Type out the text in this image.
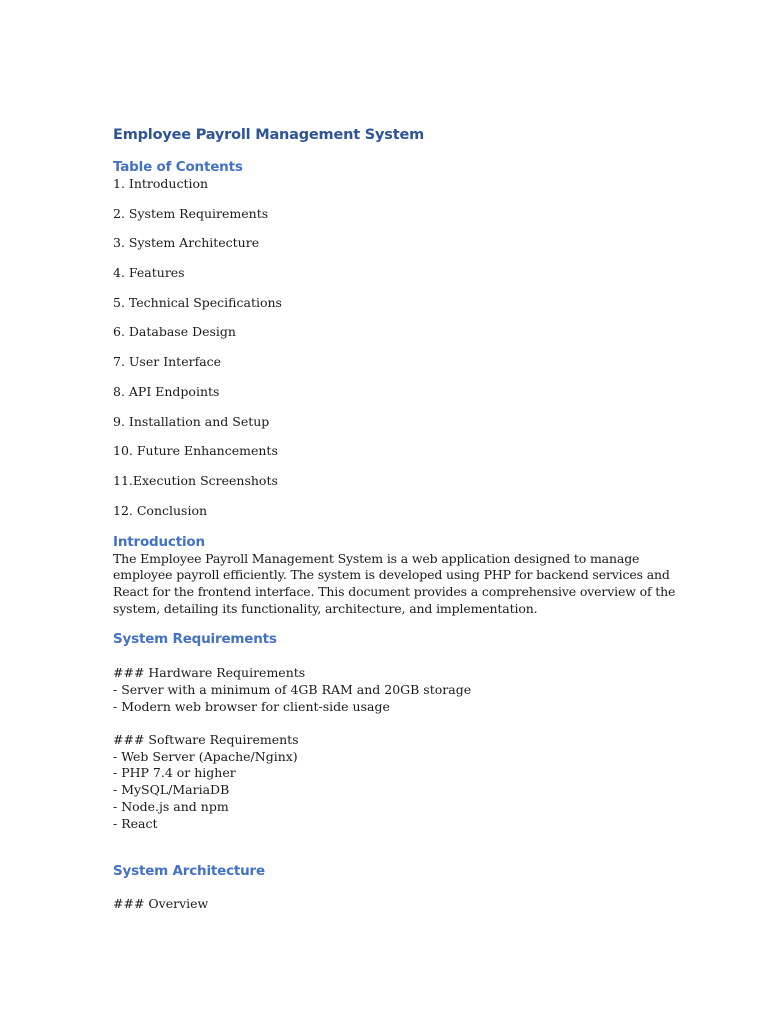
Employee Payroll Management System
Table of Contents
1. Introduction
2. System Requirements
3. System Architecture
4. Features
5. Technical Specifications
6. Database Design
7. User Interface
8. API Endpoints
9. Installation and Setup
10. Future Enhancements
11.Execution Screenshots
12. Conclusion
Introduction
The Employee Payroll Management System is a web application designed to manage
employee payroll efficiently. The system is developed using PHP for backend services and
React for the frontend interface. This document provides a comprehensive overview of the
system, detailing its functionality, architecture, and implementation.
System Requirements
### Hardware Requirements
- Server with a minimum of 4GB RAM and 20GB storage
- Modern web browser for client-side usage
### Software Requirements
- Web Server (Apache/Nginx)
- PHP 7.4 or higher
- MySQL/MariaDB
- Node.js and npm
- React
System Architecture
### Overview
